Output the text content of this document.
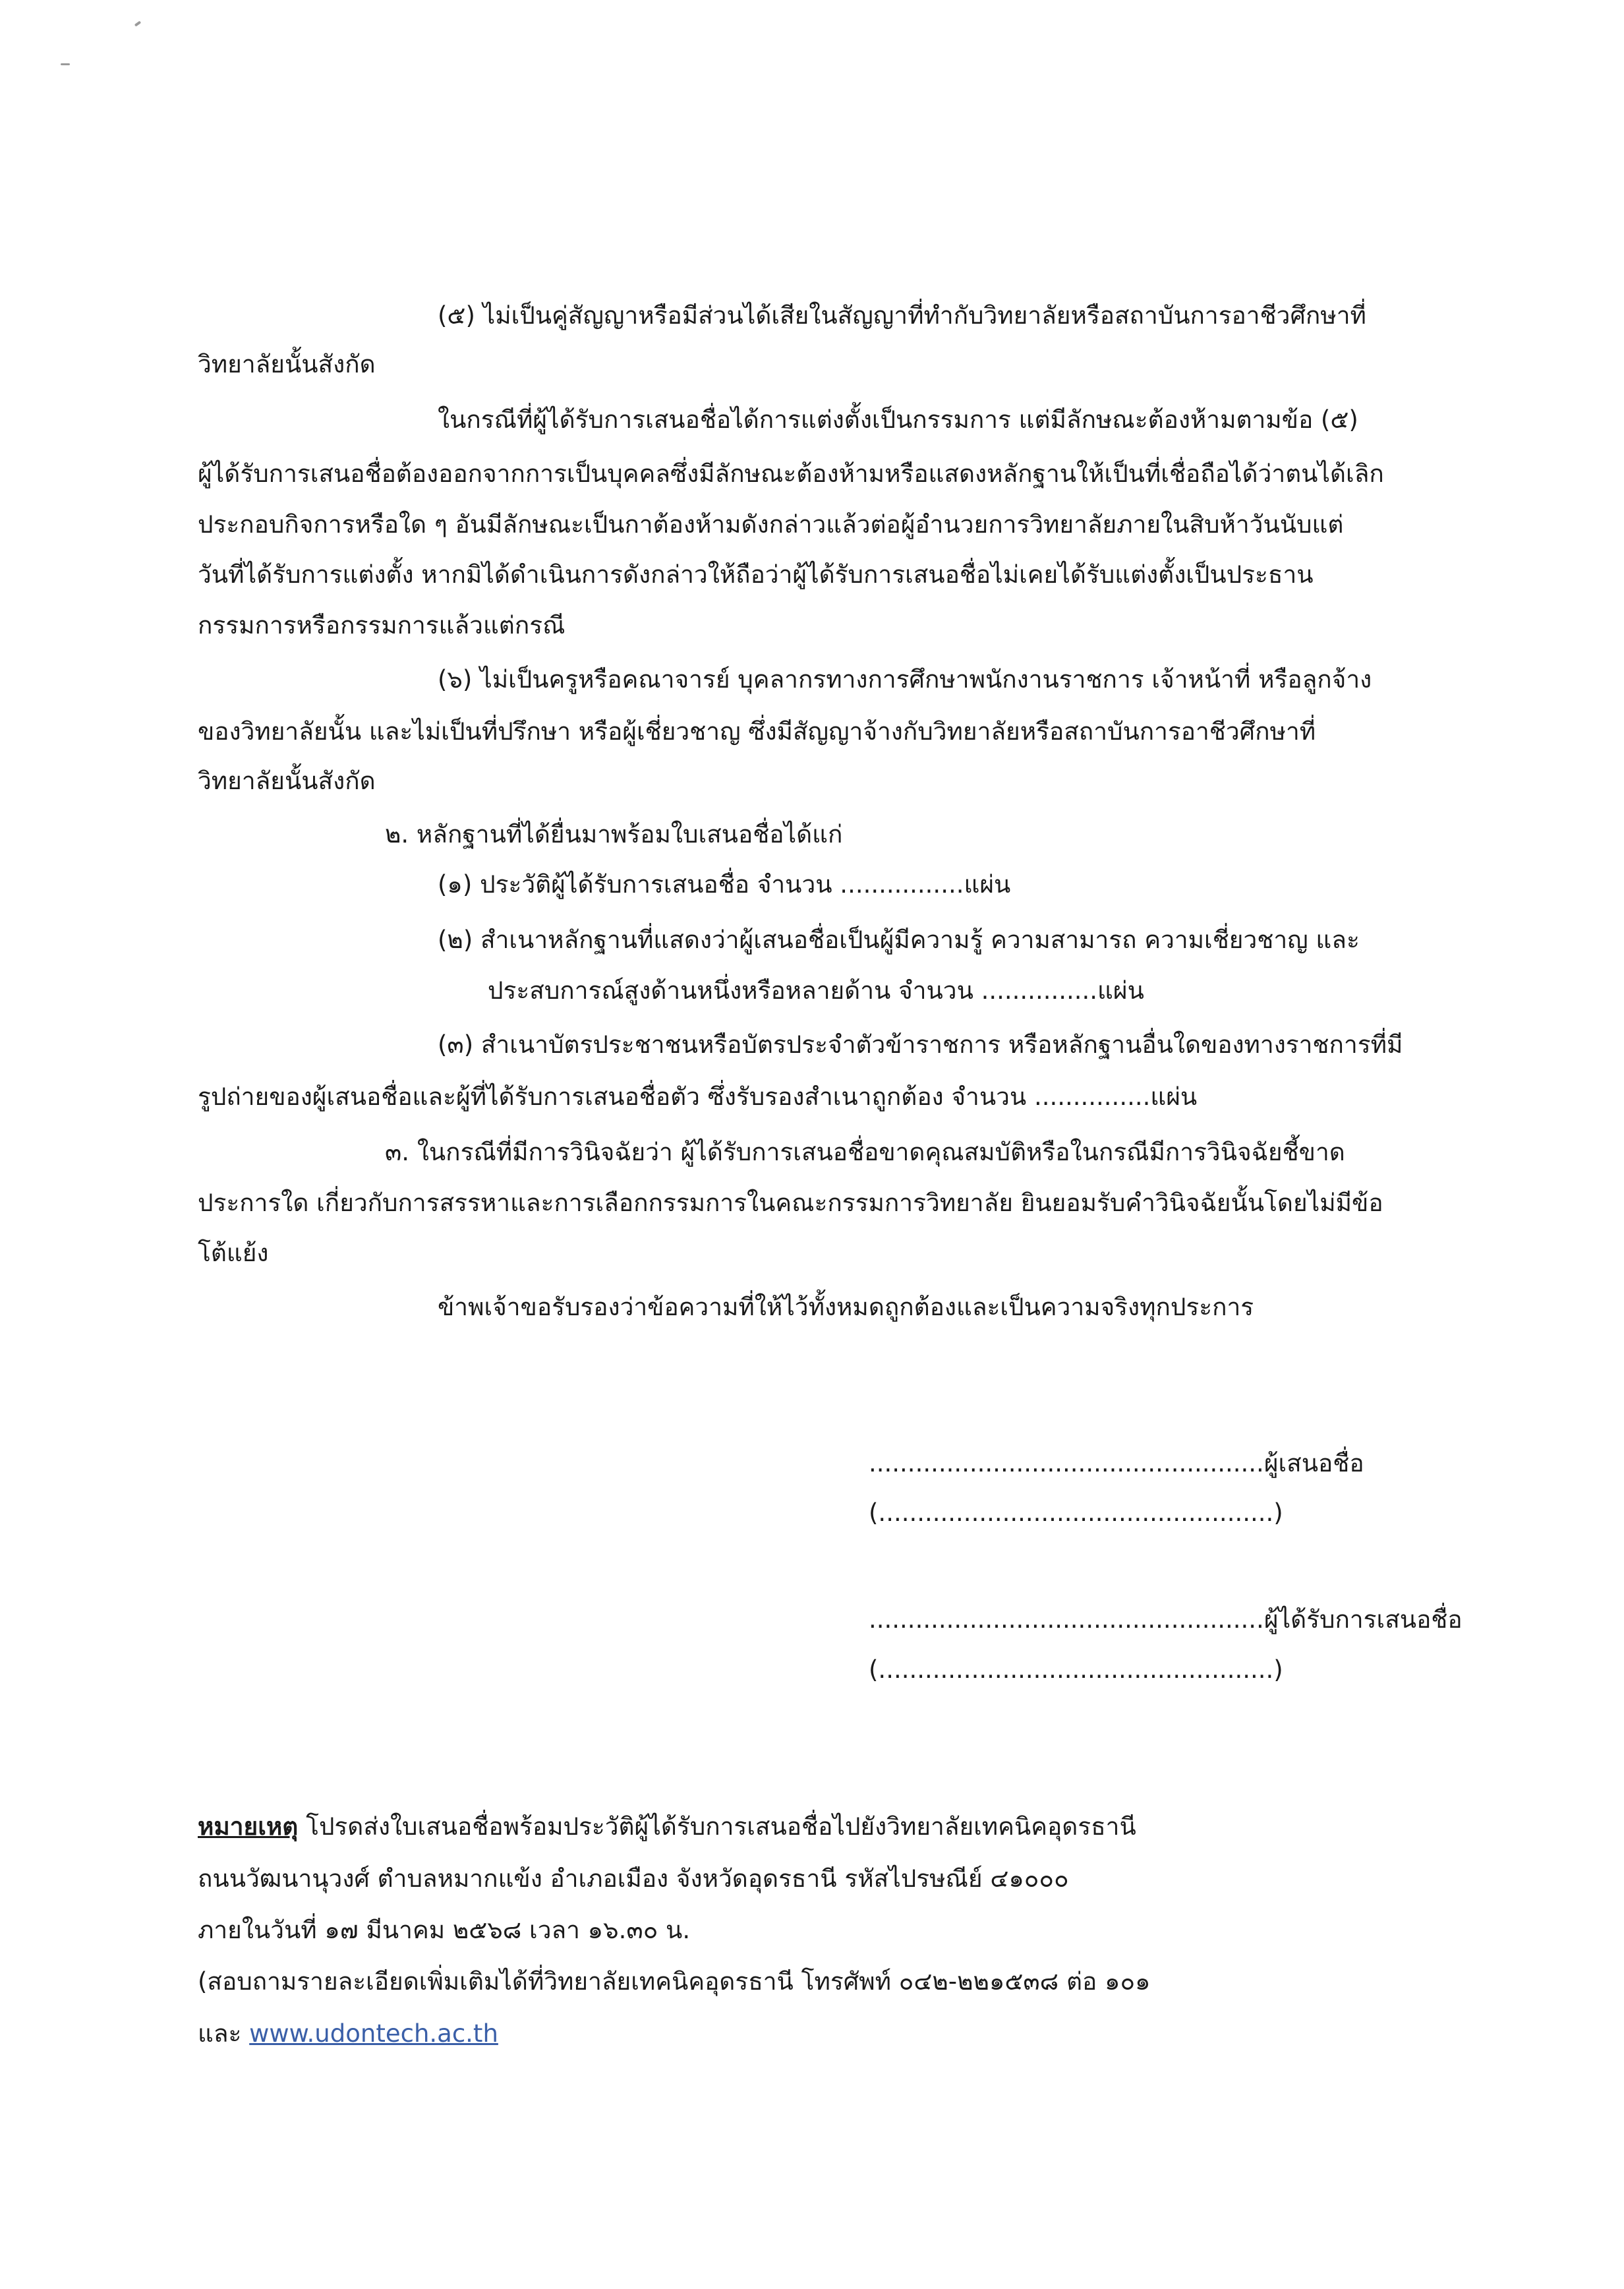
(๕) ไม่เป็นคู่สัญญาหรือมีส่วนได้เสียในสัญญาที่ทำกับวิทยาลัยหรือสถาบันการอาชีวศึกษาที่
วิทยาลัยนั้นสังกัด
ในกรณีที่ผู้ได้รับการเสนอชื่อได้การแต่งตั้งเป็นกรรมการ แต่มีลักษณะต้องห้ามตามข้อ (๕)
ผู้ได้รับการเสนอชื่อต้องออกจากการเป็นบุคคลซึ่งมีลักษณะต้องห้ามหรือแสดงหลักฐานให้เป็นที่เชื่อถือได้ว่าตนได้เลิก
ประกอบกิจการหรือใด ๆ อันมีลักษณะเป็นกาต้องห้ามดังกล่าวแล้วต่อผู้อำนวยการวิทยาลัยภายในสิบห้าวันนับแต่
วันที่ได้รับการแต่งตั้ง หากมิได้ดำเนินการดังกล่าวให้ถือว่าผู้ได้รับการเสนอชื่อไม่เคยได้รับแต่งตั้งเป็นประธาน
กรรมการหรือกรรมการแล้วแต่กรณี
(๖) ไม่เป็นครูหรือคณาจารย์ บุคลากรทางการศึกษาพนักงานราชการ เจ้าหน้าที่ หรือลูกจ้าง
ของวิทยาลัยนั้น และไม่เป็นที่ปรึกษา หรือผู้เชี่ยวชาญ ซึ่งมีสัญญาจ้างกับวิทยาลัยหรือสถาบันการอาชีวศึกษาที่
วิทยาลัยนั้นสังกัด
๒. หลักฐานที่ได้ยื่นมาพร้อมใบเสนอชื่อได้แก่
(๑) ประวัติผู้ได้รับการเสนอชื่อ จำนวน ................แผ่น
(๒) สำเนาหลักฐานที่แสดงว่าผู้เสนอชื่อเป็นผู้มีความรู้ ความสามารถ ความเชี่ยวชาญ และ
ประสบการณ์สูงด้านหนึ่งหรือหลายด้าน จำนวน ...............แผ่น
(๓) สำเนาบัตรประชาชนหรือบัตรประจำตัวข้าราชการ หรือหลักฐานอื่นใดของทางราชการที่มี
รูปถ่ายของผู้เสนอชื่อและผู้ที่ได้รับการเสนอชื่อตัว ซึ่งรับรองสำเนาถูกต้อง จำนวน ...............แผ่น
๓. ในกรณีที่มีการวินิจฉัยว่า ผู้ได้รับการเสนอชื่อขาดคุณสมบัติหรือในกรณีมีการวินิจฉัยชี้ขาด
ประการใด เกี่ยวกับการสรรหาและการเลือกกรรมการในคณะกรรมการวิทยาลัย ยินยอมรับคำวินิจฉัยนั้นโดยไม่มีข้อ
โต้แย้ง
ข้าพเจ้าขอรับรองว่าข้อความที่ให้ไว้ทั้งหมดถูกต้องและเป็นความจริงทุกประการ
...................................................ผู้เสนอชื่อ
(...................................................)
...................................................ผู้ได้รับการเสนอชื่อ
(...................................................)
หมายเหตุ โปรดส่งใบเสนอชื่อพร้อมประวัติผู้ได้รับการเสนอชื่อไปยังวิทยาลัยเทคนิคอุดรธานี
ถนนวัฒนานุวงศ์ ตำบลหมากแข้ง อำเภอเมือง จังหวัดอุดรธานี รหัสไปรษณีย์ ๔๑๐๐๐
ภายในวันที่ ๑๗ มีนาคม ๒๕๖๘ เวลา ๑๖.๓๐ น.
(สอบถามรายละเอียดเพิ่มเติมได้ที่วิทยาลัยเทคนิคอุดรธานี โทรศัพท์ ๐๔๒-๒๒๑๕๓๘ ต่อ ๑๐๑
และ www.udontech.ac.th
